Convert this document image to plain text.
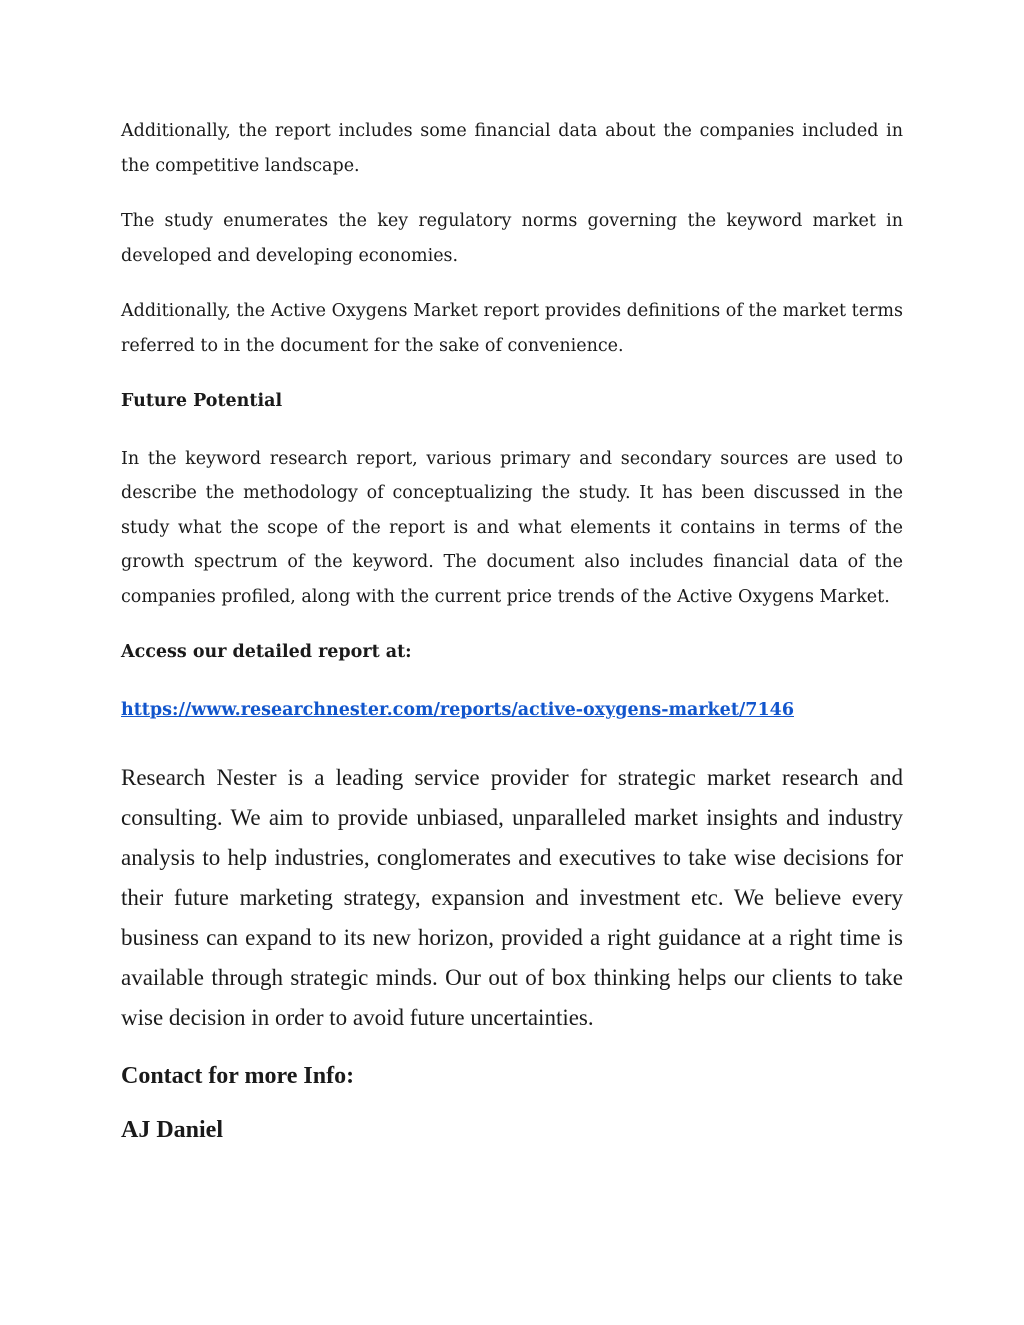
Additionally, the report includes some financial data about the companies included in the competitive landscape.

The study enumerates the key regulatory norms governing the keyword market in developed and developing economies.

Additionally, the Active Oxygens Market report provides definitions of the market terms referred to in the document for the sake of convenience.

Future Potential

In the keyword research report, various primary and secondary sources are used to describe the methodology of conceptualizing the study. It has been discussed in the study what the scope of the report is and what elements it contains in terms of the growth spectrum of the keyword. The document also includes financial data of the companies profiled, along with the current price trends of the Active Oxygens Market.

Access our detailed report at:

https://www.researchnester.com/reports/active-oxygens-market/7146

Research Nester is a leading service provider for strategic market research and consulting. We aim to provide unbiased, unparalleled market insights and industry analysis to help industries, conglomerates and executives to take wise decisions for their future marketing strategy, expansion and investment etc. We believe every business can expand to its new horizon, provided a right guidance at a right time is available through strategic minds. Our out of box thinking helps our clients to take wise decision in order to avoid future uncertainties.

Contact for more Info:

AJ Daniel
